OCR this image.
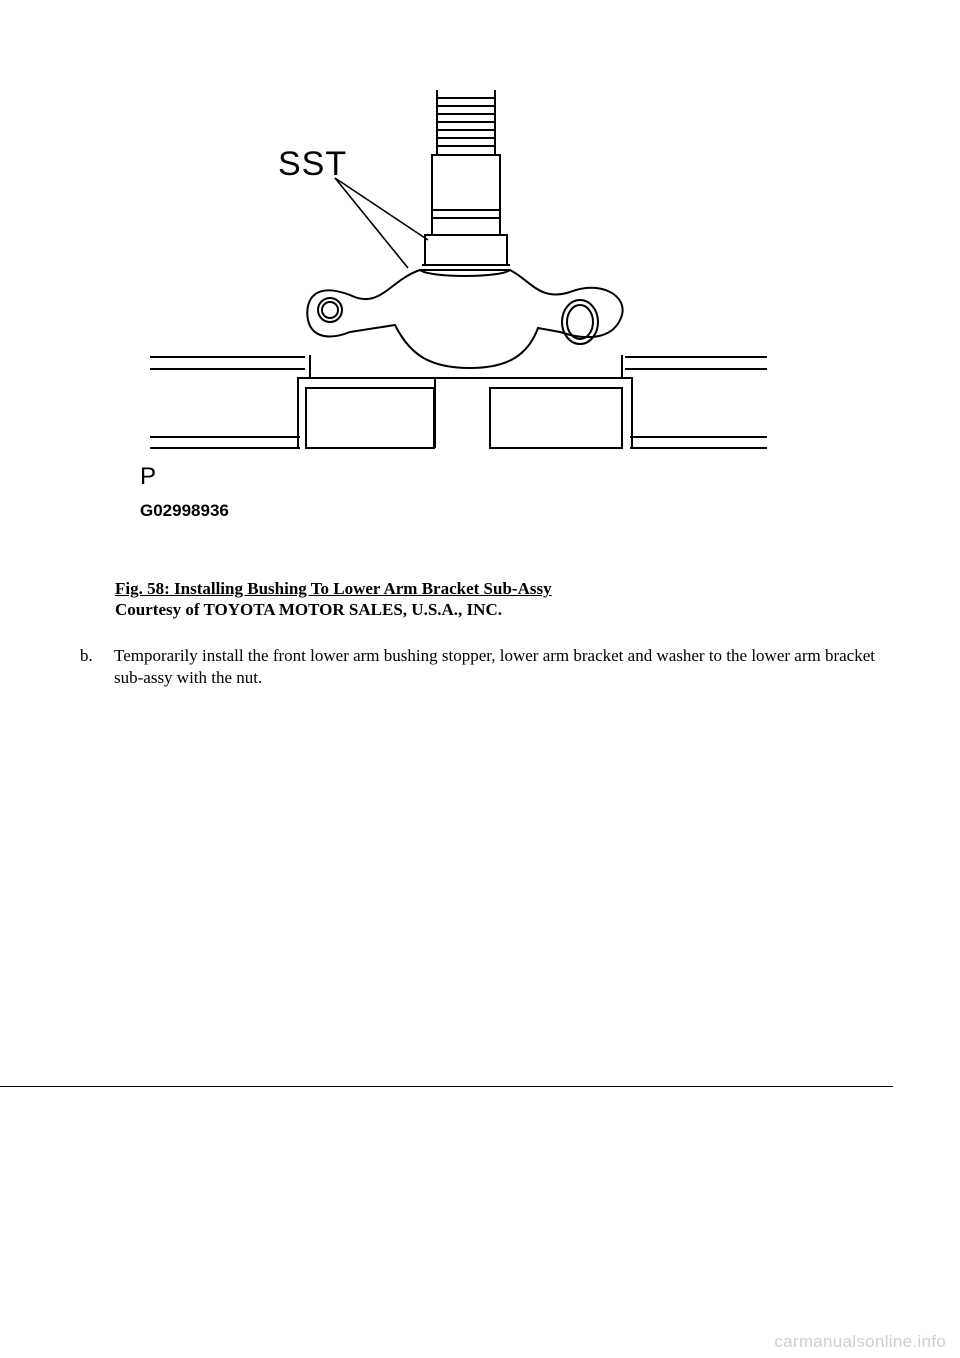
SST
P
G02998936
Fig. 58: Installing Bushing To Lower Arm Bracket Sub-Assy
Courtesy of TOYOTA MOTOR SALES, U.S.A., INC.
b. Temporarily install the front lower arm bushing stopper, lower arm bracket and washer to the lower arm bracket sub-assy with the nut.
carmanualsonline.info
